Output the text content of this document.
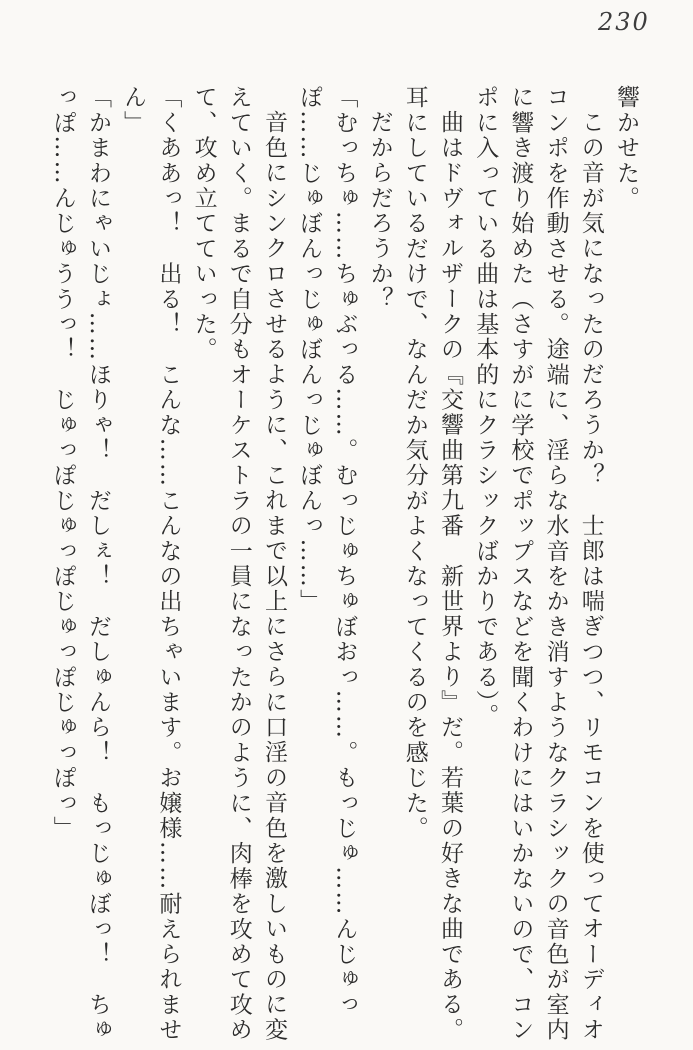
230

響かせた。

この音が気になったのだろうか？　士郎は喘ぎつつ、リモコンを使ってオーディオコンポを作動させる。途端に、淫らな水音をかき消すようなクラシックの音色が室内に響き渡り始めた（さすがに学校でポップスなどを聞くわけにはいかないので、コンポに入っている曲は基本的にクラシックばかりである）。

曲はドヴォルザークの『交響曲第九番　新世界より』だ。若葉の好きな曲である。耳にしているだけで、なんだか気分がよくなってくるのを感じた。

だからだろうか？

「むっちゅ……ちゅぶっる……。むっじゅちゅぼおっ……。もっじゅ……んじゅっぽ……じゅぼんっじゅぼんっじゅぼんっ……」

音色にシンクロさせるように、これまで以上にさらに口淫の音色を激しいものに変えていく。まるで自分もオーケストラの一員になったかのように、肉棒を攻めて攻めて、攻め立てていった。

「くああっ！　出る！　こんな……こんなの出ちゃいます。お嬢様……耐えられません」

「かまわにゃいじょ……ほりゃ！　だしぇ！　だしゅんら！　もっじゅぼっ！　ちゅっぽ……んじゅううっ！　じゅっぽじゅっぽじゅっぽじゅっぽっ」
